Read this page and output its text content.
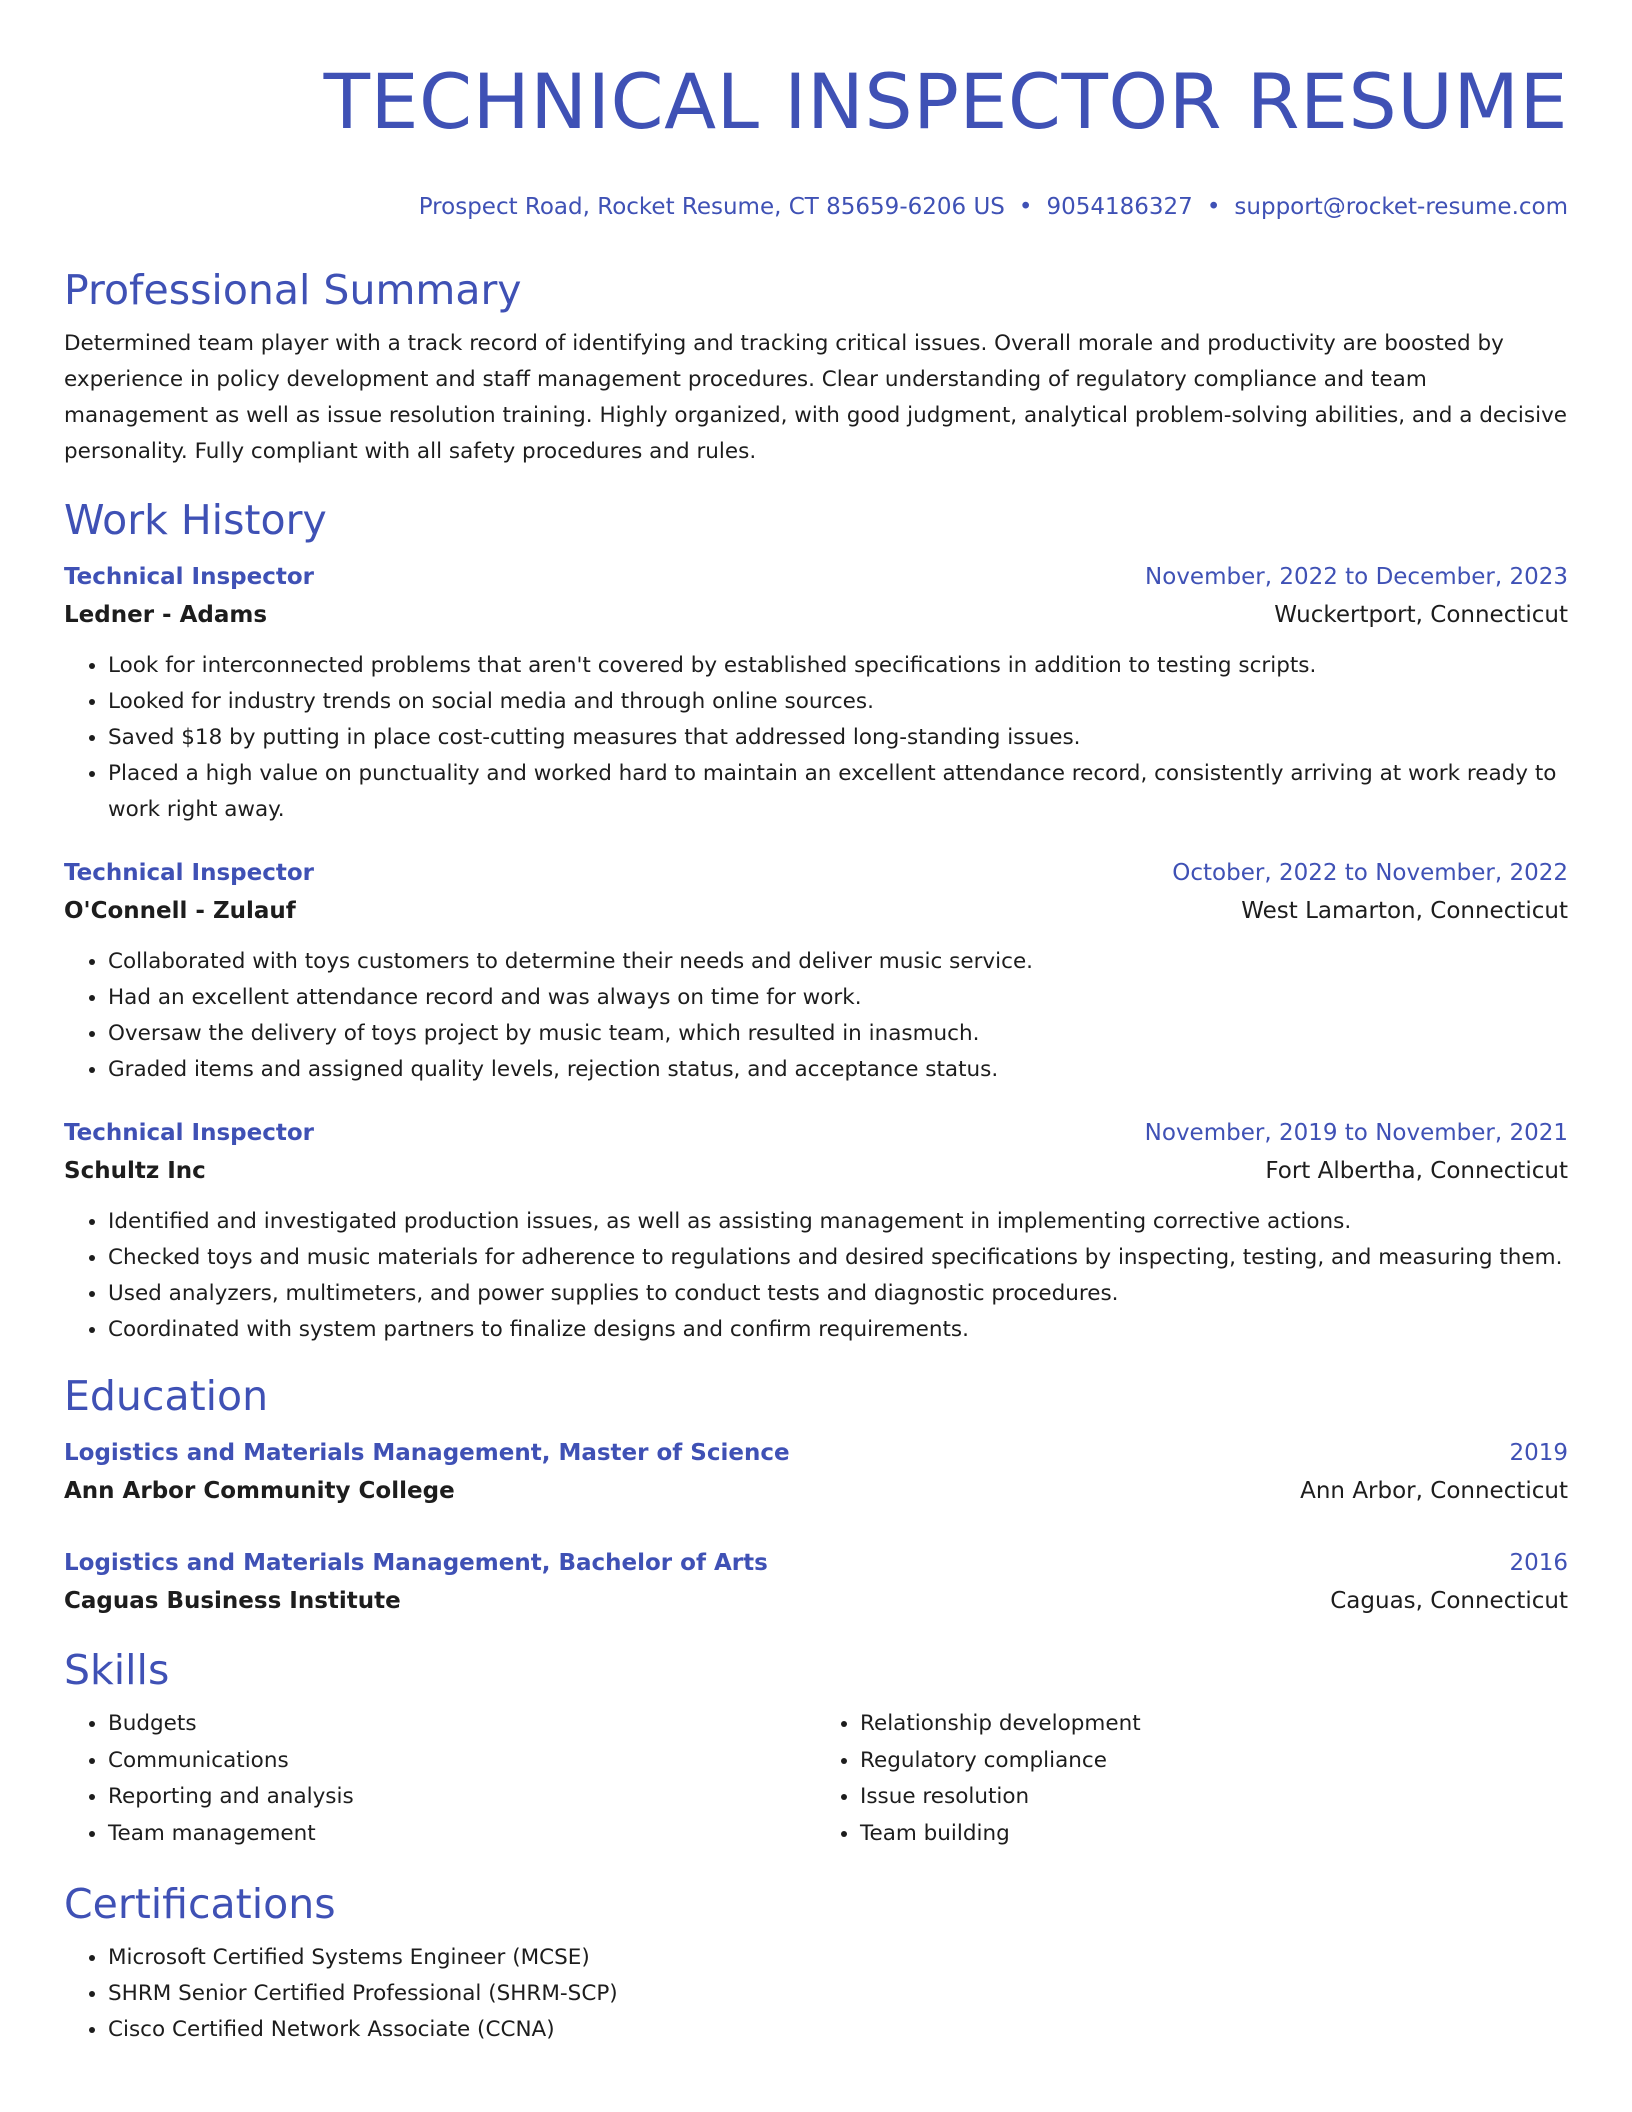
TECHNICAL INSPECTOR RESUME
Prospect Road, Rocket Resume, CT 85659-6206 US • 9054186327 • support@rocket-resume.com
Professional Summary

Determined team player with a track record of identifying and tracking critical issues. Overall morale and productivity are boosted by experience in policy development and staff management procedures. Clear understanding of regulatory compliance and team management as well as issue resolution training. Highly organized, with good judgment, analytical problem-solving abilities, and a decisive personality. Fully compliant with all safety procedures and rules.

Work History
Technical Inspector	November, 2022 to December, 2023
Ledner - Adams	Wuckertport, Connecticut
• Look for interconnected problems that aren't covered by established specifications in addition to testing scripts.
• Looked for industry trends on social media and through online sources.
• Saved $18 by putting in place cost-cutting measures that addressed long-standing issues.
• Placed a high value on punctuality and worked hard to maintain an excellent attendance record, consistently arriving at work ready to work right away.
Technical Inspector	October, 2022 to November, 2022
O'Connell - Zulauf	West Lamarton, Connecticut
• Collaborated with toys customers to determine their needs and deliver music service.
• Had an excellent attendance record and was always on time for work.
• Oversaw the delivery of toys project by music team, which resulted in inasmuch.
• Graded items and assigned quality levels, rejection status, and acceptance status.
Technical Inspector	November, 2019 to November, 2021
Schultz Inc	Fort Albertha, Connecticut
• Identified and investigated production issues, as well as assisting management in implementing corrective actions.
• Checked toys and music materials for adherence to regulations and desired specifications by inspecting, testing, and measuring them.
• Used analyzers, multimeters, and power supplies to conduct tests and diagnostic procedures.
• Coordinated with system partners to finalize designs and confirm requirements.
Education
Logistics and Materials Management, Master of Science	2019
Ann Arbor Community College	Ann Arbor, Connecticut
Logistics and Materials Management, Bachelor of Arts	2016
Caguas Business Institute	Caguas, Connecticut
Skills
• Budgets
• Communications
• Reporting and analysis
• Team management
• Relationship development
• Regulatory compliance
• Issue resolution
• Team building
Certifications
• Microsoft Certified Systems Engineer (MCSE)
• SHRM Senior Certified Professional (SHRM-SCP)
• Cisco Certified Network Associate (CCNA)
